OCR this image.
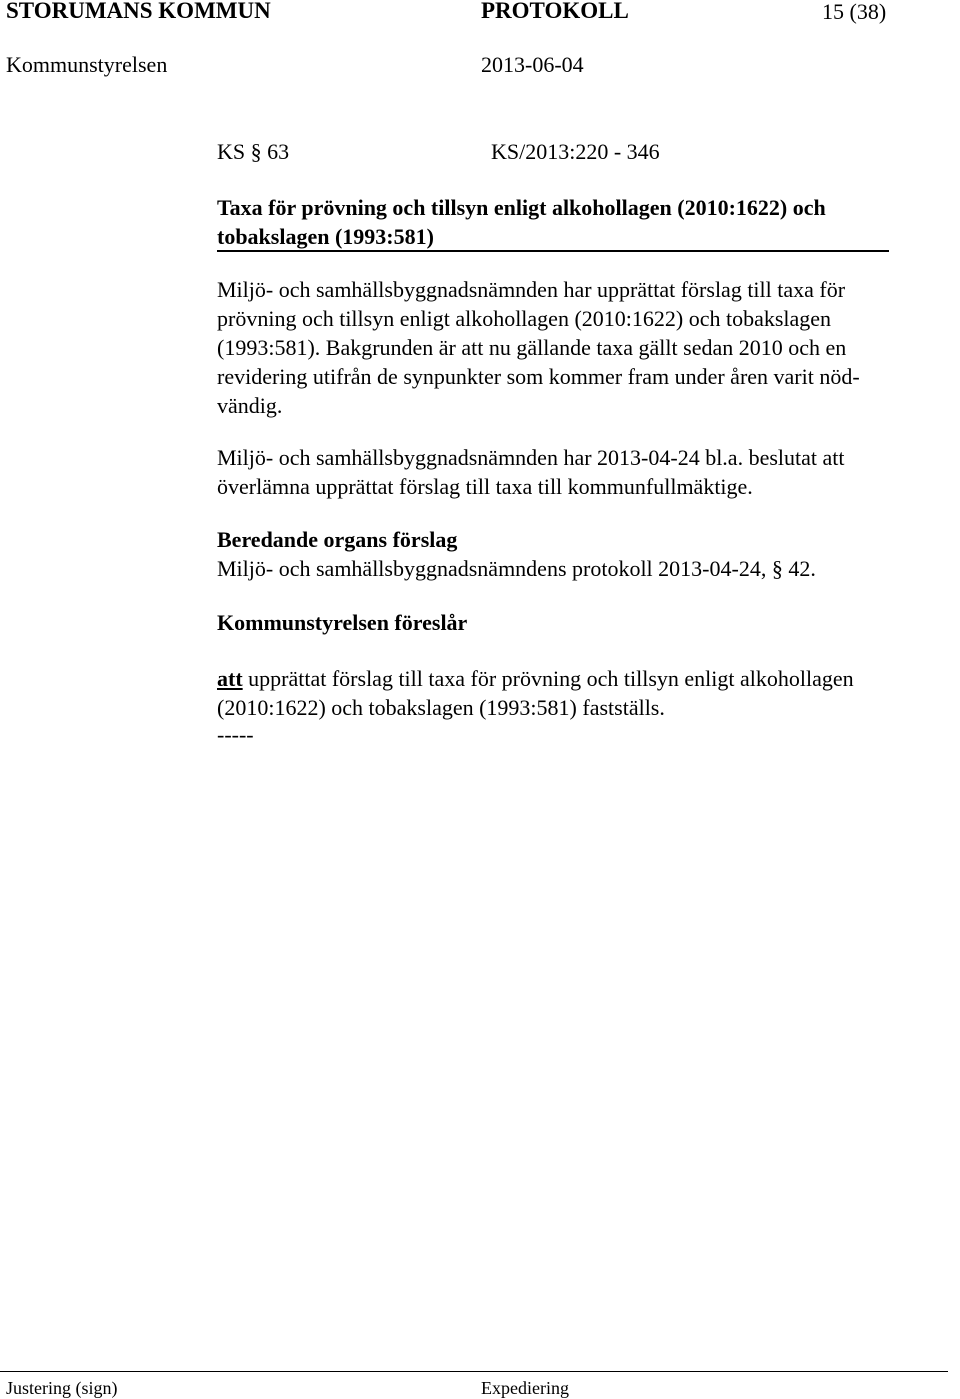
STORUMANS KOMMUN	PROTOKOLL	15 (38)
Kommunstyrelsen	2013-06-04
KS § 63	KS/2013:220 - 346

Taxa för prövning och tillsyn enligt alkohollagen (2010:1622) och

tobakslagen (1993:581)

Miljö- och samhällsbyggnadsnämnden har upprättat förslag till taxa för

prövning och tillsyn enligt alkohollagen (2010:1622) och tobakslagen

(1993:581). Bakgrunden är att nu gällande taxa gällt sedan 2010 och en

revidering utifrån de synpunkter som kommer fram under åren varit nöd-

vändig.

Miljö- och samhällsbyggnadsnämnden har 2013-04-24 bl.a. beslutat att

överlämna upprättat förslag till taxa till kommunfullmäktige.

Beredande organs förslag

Miljö- och samhällsbyggnadsnämndens protokoll 2013-04-24, § 42.

Kommunstyrelsen föreslår

att upprättat förslag till taxa för prövning och tillsyn enligt alkohollagen

(2010:1622) och tobakslagen (1993:581) fastställs.

-----

Justering (sign)	Expediering
